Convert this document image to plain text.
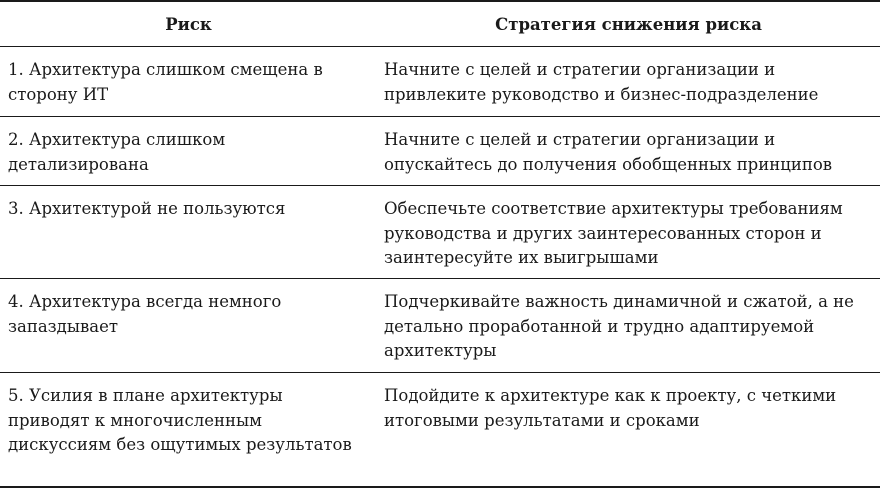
Риск	Стратегия снижения риска

1. Архитектура слишком смещена в сторону ИТ	Начните с целей и стратегии организации и привлеките руководство и бизнес-подразделение

2. Архитектура слишком детализирована	Начните с целей и стратегии организации и опускайтесь до получения обобщенных принципов

3. Архитектурой не пользуются	Обеспечьте соответствие архитектуры требованиям руководства и других заинтересованных сторон и заинтересуйте их выигрышами

4. Архитектура всегда немного запаздывает	Подчеркивайте важность динамичной и сжатой, а не детально проработанной и трудно адаптируемой архитектуры

5. Усилия в плане архитектуры приводят к многочисленным дискуссиям без ощутимых результатов	Подойдите к архитектуре как к проекту, с четкими итоговыми результатами и сроками
